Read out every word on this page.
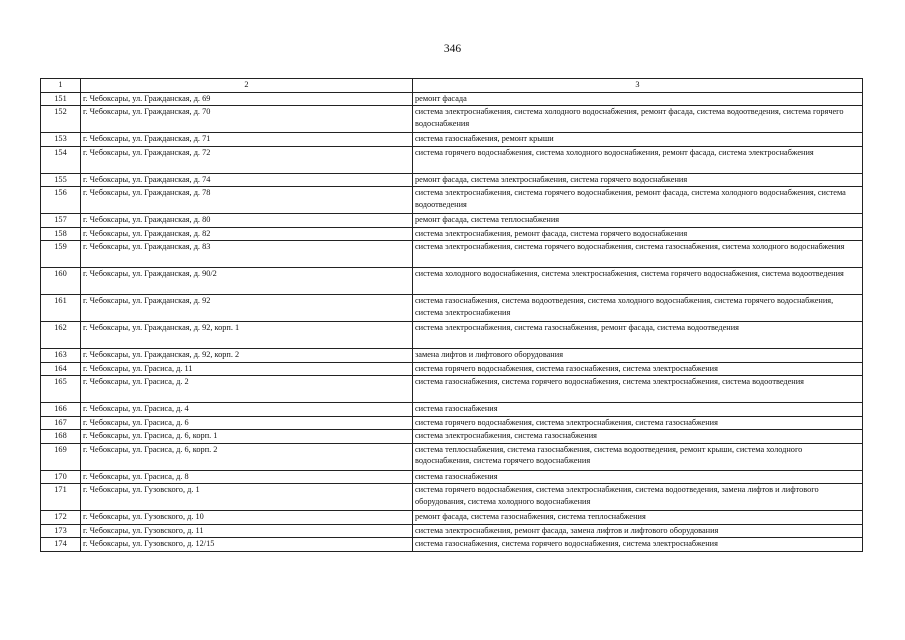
346
1	2	3
151	г. Чебоксары, ул. Гражданская, д. 69	ремонт фасада
152	г. Чебоксары, ул. Гражданская, д. 70	система электроснабжения, система холодного водоснабжения, ремонт фасада, система водоотведения, система горячего водоснабжения
153	г. Чебоксары, ул. Гражданская, д. 71	система газоснабжения, ремонт крыши
154	г. Чебоксары, ул. Гражданская, д. 72	система горячего водоснабжения, система холодного водоснабжения, ремонт фасада, система электроснабжения
155	г. Чебоксары, ул. Гражданская, д. 74	ремонт фасада, система электроснабжения, система горячего водоснабжения
156	г. Чебоксары, ул. Гражданская, д. 78	система электроснабжения, система горячего водоснабжения, ремонт фасада, система холодного водоснабжения, система водоотведения
157	г. Чебоксары, ул. Гражданская, д. 80	ремонт фасада, система теплоснабжения
158	г. Чебоксары, ул. Гражданская, д. 82	система электроснабжения, ремонт фасада, система горячего водоснабжения
159	г. Чебоксары, ул. Гражданская, д. 83	система электроснабжения, система горячего водоснабжения, система газоснабжения, система холодного водоснабжения
160	г. Чебоксары, ул. Гражданская, д. 90/2	система холодного водоснабжения, система электроснабжения, система горячего водоснабжения, система водоотведения
161	г. Чебоксары, ул. Гражданская, д. 92	система газоснабжения, система водоотведения, система холодного водоснабжения, система горячего водоснабжения, система электроснабжения
162	г. Чебоксары, ул. Гражданская, д. 92, корп. 1	система электроснабжения, система газоснабжения, ремонт фасада, система водоотведения
163	г. Чебоксары, ул. Гражданская, д. 92, корп. 2	замена лифтов и лифтового оборудования
164	г. Чебоксары, ул. Грасиса, д. 11	система горячего водоснабжения, система газоснабжения, система электроснабжения
165	г. Чебоксары, ул. Грасиса, д. 2	система газоснабжения, система горячего водоснабжения, система электроснабжения, система водоотведения
166	г. Чебоксары, ул. Грасиса, д. 4	система газоснабжения
167	г. Чебоксары, ул. Грасиса, д. 6	система горячего водоснабжения, система электроснабжения, система газоснабжения
168	г. Чебоксары, ул. Грасиса, д. 6, корп. 1	система электроснабжения, система газоснабжения
169	г. Чебоксары, ул. Грасиса, д. 6, корп. 2	система теплоснабжения, система газоснабжения, система водоотведения, ремонт крыши, система холодного водоснабжения, система горячего водоснабжения
170	г. Чебоксары, ул. Грасиса, д. 8	система газоснабжения
171	г. Чебоксары, ул. Гузовского, д. 1	система горячего водоснабжения, система электроснабжения, система водоотведения, замена лифтов и лифтового оборудования, система холодного водоснабжения
172	г. Чебоксары, ул. Гузовского, д. 10	ремонт фасада, система газоснабжения, система теплоснабжения
173	г. Чебоксары, ул. Гузовского, д. 11	система электроснабжения, ремонт фасада, замена лифтов и лифтового оборудования
174	г. Чебоксары, ул. Гузовского, д. 12/15	система газоснабжения, система горячего водоснабжения, система электроснабжения
